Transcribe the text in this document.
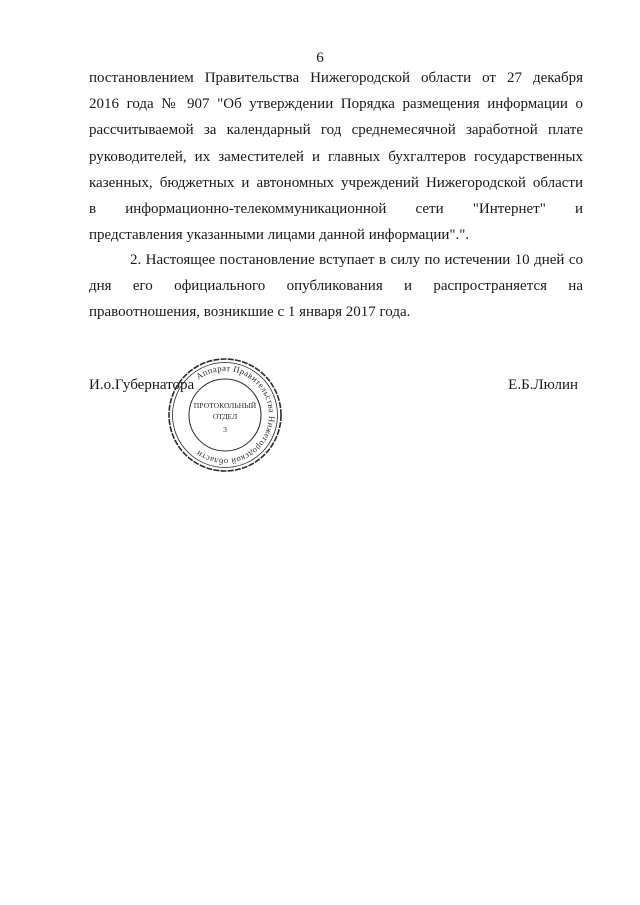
6
постановлением Правительства Нижегородской области от 27 декабря
2016 года № 907 "Об утверждении Порядка размещения информации о
рассчитываемой за календарный год среднемесячной заработной плате
руководителей, их заместителей и главных бухгалтеров государственных
казенных, бюджетных и автономных учреждений Нижегородской области
в информационно-телекоммуникационной сети "Интернет" и
представления указанными лицами данной информации".".
2. Настоящее постановление вступает в силу по истечении 10 дней со
дня его официального опубликования и распространяется на
правоотношения, возникшие с 1 января 2017 года.
И.о.Губернатора	Е.Б.Люлин
Аппарат Правительства Нижегородской области
ПРОТОКОЛЬНЫЙ
ОТДЕЛ
3
